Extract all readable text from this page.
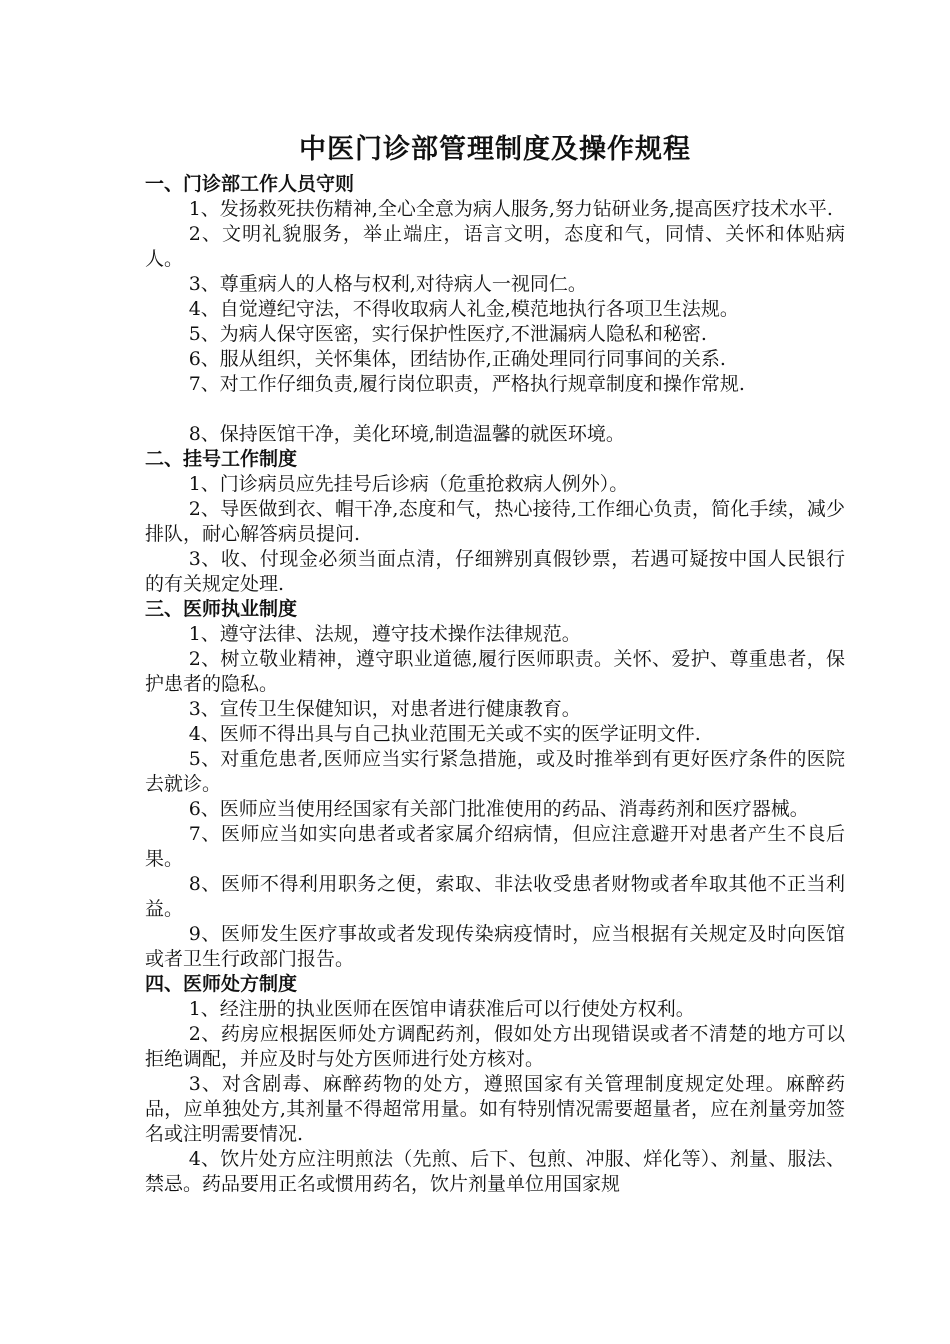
中医门诊部管理制度及操作规程
一、门诊部工作人员守则

1、发扬救死扶伤精神,全心全意为病人服务,努力钻研业务,提高医疗技术水平.

2、文明礼貌服务，举止端庄，语言文明，态度和气，同情、关怀和体贴病人。

3、尊重病人的人格与权利,对待病人一视同仁。

4、自觉遵纪守法，不得收取病人礼金,模范地执行各项卫生法规。

5、为病人保守医密，实行保护性医疗,不泄漏病人隐私和秘密.

6、服从组织，关怀集体，团结协作,正确处理同行同事间的关系.

7、对工作仔细负责,履行岗位职责，严格执行规章制度和操作常规.

8、保持医馆干净，美化环境,制造温馨的就医环境。

二、挂号工作制度

1、门诊病员应先挂号后诊病（危重抢救病人例外）。

2、导医做到衣、帽干净,态度和气，热心接待,工作细心负责，简化手续，减少排队，耐心解答病员提问.

3、收、付现金必须当面点清，仔细辨别真假钞票，若遇可疑按中国人民银行的有关规定处理.

三、医师执业制度

1、遵守法律、法规，遵守技术操作法律规范。

2、树立敬业精神，遵守职业道德,履行医师职责。关怀、爱护、尊重患者，保护患者的隐私。

3、宣传卫生保健知识，对患者进行健康教育。

4、医师不得出具与自己执业范围无关或不实的医学证明文件.

5、对重危患者,医师应当实行紧急措施，或及时推举到有更好医疗条件的医院去就诊。

6、医师应当使用经国家有关部门批准使用的药品、消毒药剂和医疗器械。

7、医师应当如实向患者或者家属介绍病情，但应注意避开对患者产生不良后果。

8、医师不得利用职务之便，索取、非法收受患者财物或者牟取其他不正当利益。

9、医师发生医疗事故或者发现传染病疫情时，应当根据有关规定及时向医馆或者卫生行政部门报告。

四、医师处方制度

1、经注册的执业医师在医馆申请获准后可以行使处方权利。

2、药房应根据医师处方调配药剂，假如处方出现错误或者不清楚的地方可以拒绝调配，并应及时与处方医师进行处方核对。

3、对含剧毒、麻醉药物的处方，遵照国家有关管理制度规定处理。麻醉药品，应单独处方,其剂量不得超常用量。如有特别情况需要超量者，应在剂量旁加签名或注明需要情况.

4、饮片处方应注明煎法（先煎、后下、包煎、冲服、烊化等）、剂量、服法、禁忌。药品要用正名或惯用药名，饮片剂量单位用国家规
